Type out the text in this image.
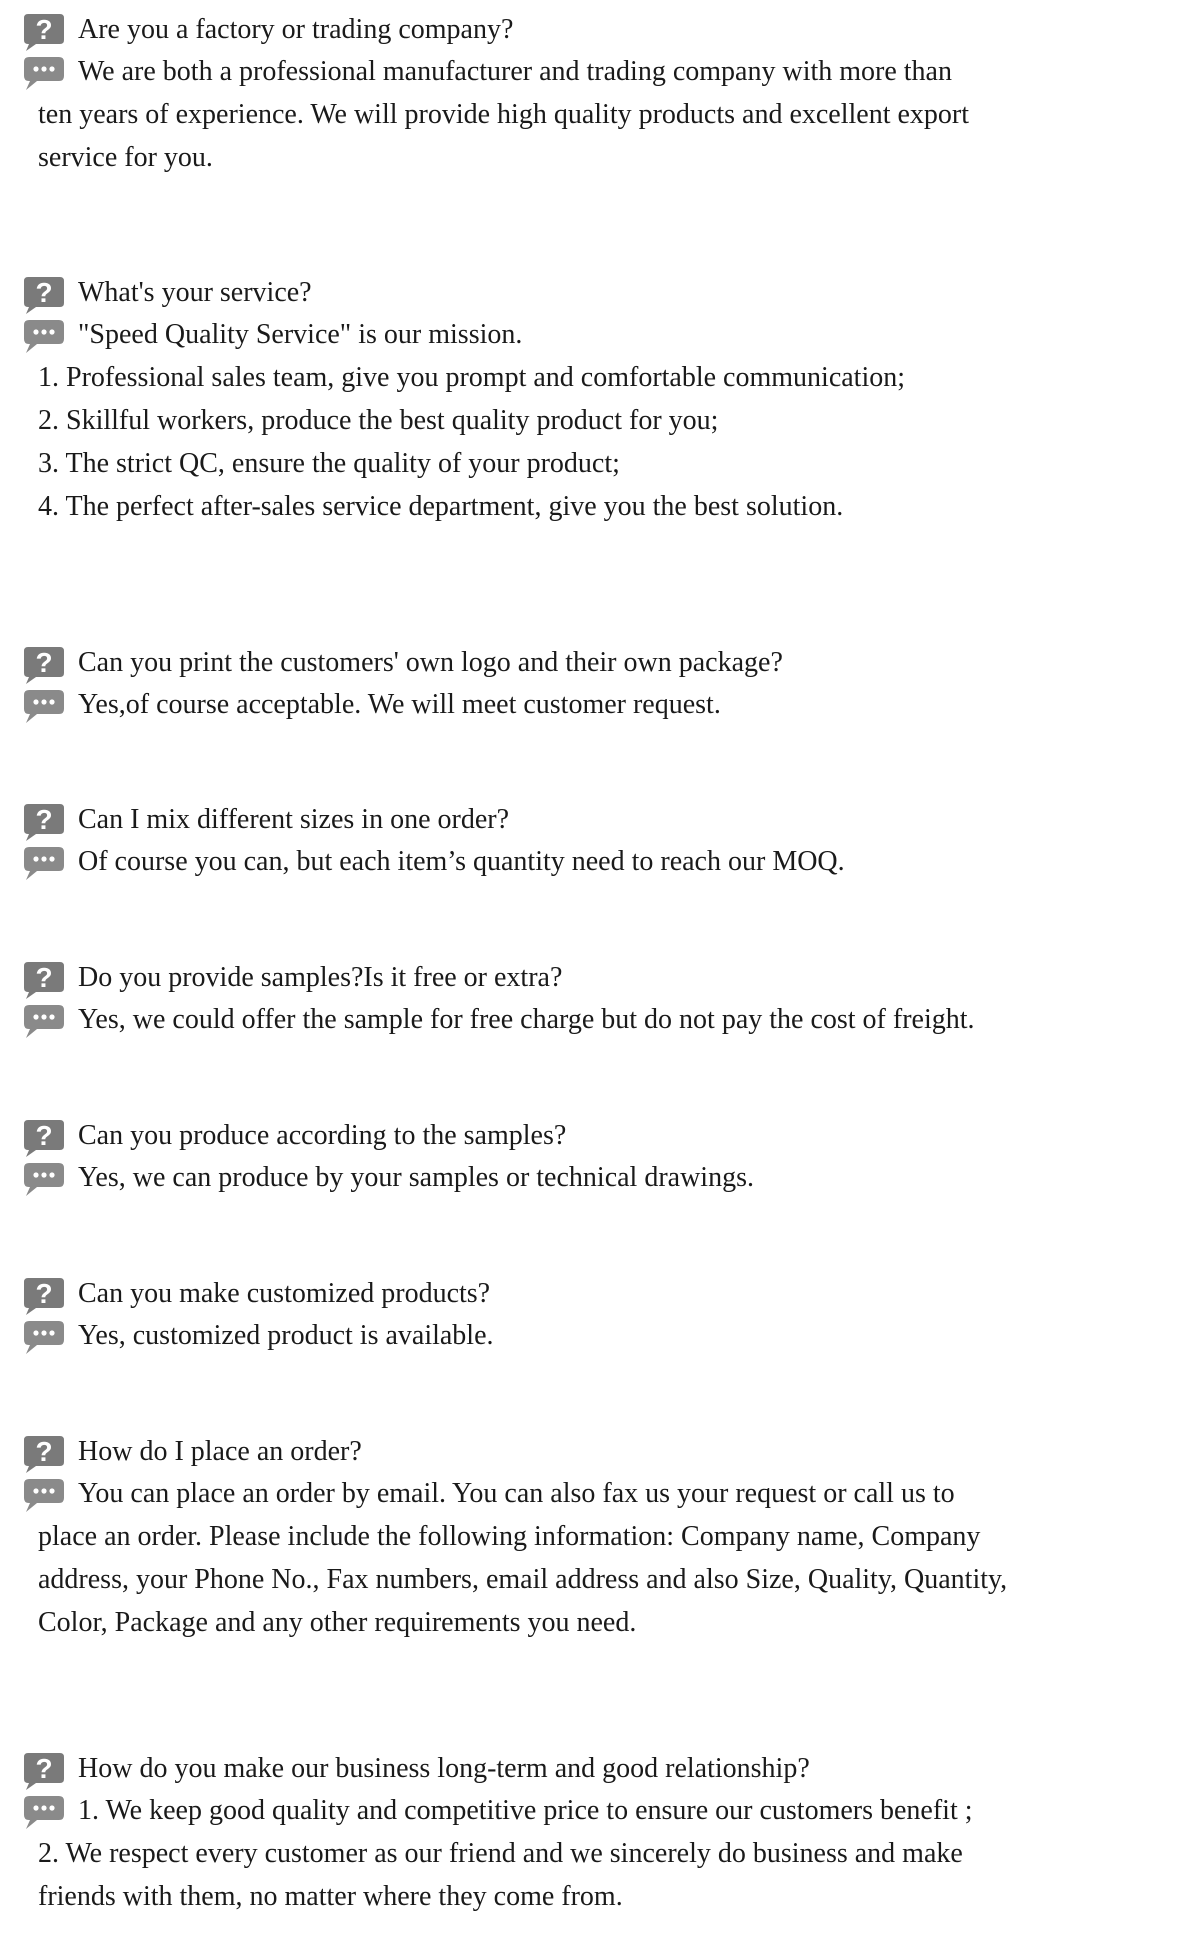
? Are you a factory or trading company?
We are both a professional manufacturer and trading company with more than
ten years of experience. We will provide high quality products and excellent export
service for you.
? What's your service?
"Speed Quality Service" is our mission.
1. Professional sales team, give you prompt and comfortable communication;
2. Skillful workers, produce the best quality product for you;
3. The strict QC, ensure the quality of your product;
4. The perfect after-sales service department, give you the best solution.
? Can you print the customers' own logo and their own package?
Yes,of course acceptable. We will meet customer request.
? Can I mix different sizes in one order?
Of course you can, but each item’s quantity need to reach our MOQ.
? Do you provide samples?Is it free or extra?
Yes, we could offer the sample for free charge but do not pay the cost of freight.
? Can you produce according to the samples?
Yes, we can produce by your samples or technical drawings.
? Can you make customized products?
Yes, customized product is available.
? How do I place an order?
You can place an order by email. You can also fax us your request or call us to
place an order. Please include the following information: Company name, Company
address, your Phone No., Fax numbers, email address and also Size, Quality, Quantity,
Color, Package and any other requirements you need.
? How do you make our business long-term and good relationship?
1. We keep good quality and competitive price to ensure our customers benefit ;
2. We respect every customer as our friend and we sincerely do business and make
friends with them, no matter where they come from.
